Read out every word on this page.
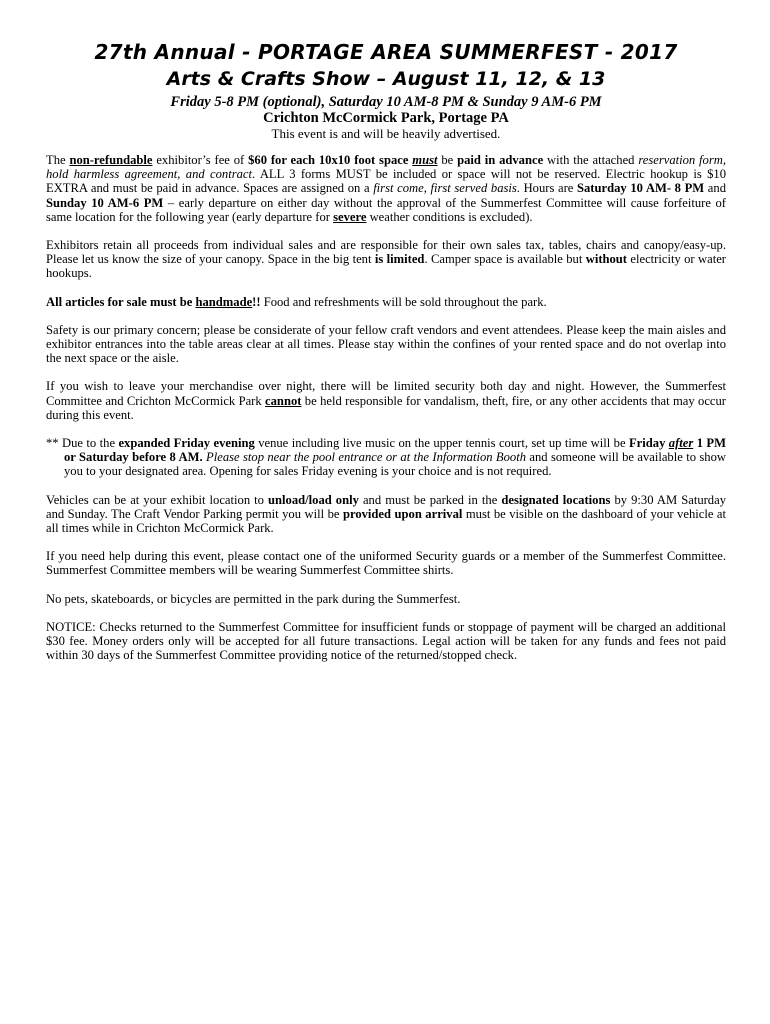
27th Annual - PORTAGE AREA SUMMERFEST - 2017
Arts & Crafts Show – August 11, 12, & 13
Friday 5-8 PM (optional), Saturday 10 AM-8 PM & Sunday 9 AM-6 PM
Crichton McCormick Park, Portage PA
This event is and will be heavily advertised.

The non-refundable exhibitor’s fee of $60 for each 10x10 foot space must be paid in advance with the attached reservation form, hold harmless agreement, and contract. ALL 3 forms MUST be included or space will not be reserved. Electric hookup is $10 EXTRA and must be paid in advance. Spaces are assigned on a first come, first served basis. Hours are Saturday 10 AM- 8 PM and Sunday 10 AM-6 PM – early departure on either day without the approval of the Summerfest Committee will cause forfeiture of same location for the following year (early departure for severe weather conditions is excluded).

Exhibitors retain all proceeds from individual sales and are responsible for their own sales tax, tables, chairs and canopy/easy-up. Please let us know the size of your canopy. Space in the big tent is limited. Camper space is available but without electricity or water hookups.

All articles for sale must be handmade!! Food and refreshments will be sold throughout the park.

Safety is our primary concern; please be considerate of your fellow craft vendors and event attendees. Please keep the main aisles and exhibitor entrances into the table areas clear at all times. Please stay within the confines of your rented space and do not overlap into the next space or the aisle.

If you wish to leave your merchandise over night, there will be limited security both day and night. However, the Summerfest Committee and Crichton McCormick Park cannot be held responsible for vandalism, theft, fire, or any other accidents that may occur during this event.

** Due to the expanded Friday evening venue including live music on the upper tennis court, set up time will be Friday after 1 PM or Saturday before 8 AM. Please stop near the pool entrance or at the Information Booth and someone will be available to show you to your designated area. Opening for sales Friday evening is your choice and is not required.

Vehicles can be at your exhibit location to unload/load only and must be parked in the designated locations by 9:30 AM Saturday and Sunday. The Craft Vendor Parking permit you will be provided upon arrival must be visible on the dashboard of your vehicle at all times while in Crichton McCormick Park.

If you need help during this event, please contact one of the uniformed Security guards or a member of the Summerfest Committee. Summerfest Committee members will be wearing Summerfest Committee shirts.

No pets, skateboards, or bicycles are permitted in the park during the Summerfest.

NOTICE: Checks returned to the Summerfest Committee for insufficient funds or stoppage of payment will be charged an additional $30 fee. Money orders only will be accepted for all future transactions. Legal action will be taken for any funds and fees not paid within 30 days of the Summerfest Committee providing notice of the returned/stopped check.
